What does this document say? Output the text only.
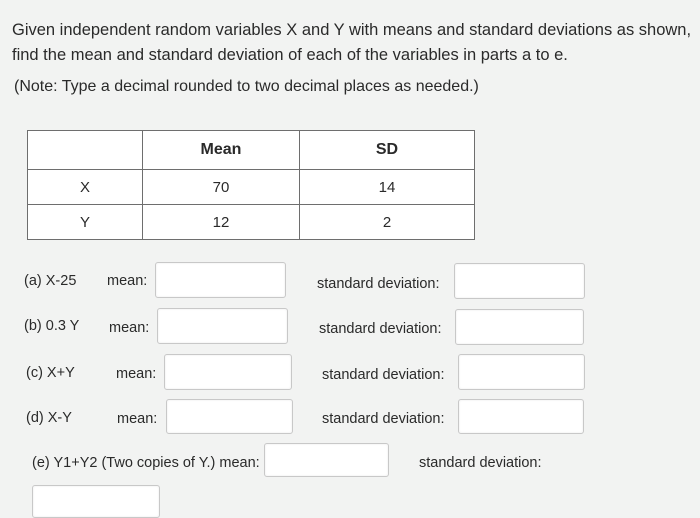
Given independent random variables X and Y with means and standard deviations as shown, find the mean and standard deviation of each of the variables in parts a to e.
(Note: Type a decimal rounded to two decimal places as needed.)
	Mean	SD
X	70	14
Y	12	2
(a) X-25 mean:	standard deviation:
(b) 0.3 Y mean:	standard deviation:
(c) X+Y	mean:	standard deviation:
(d) X-Y	mean:	standard deviation:
(e) Y1+Y2 (Two copies of Y.) mean:	standard deviation:
